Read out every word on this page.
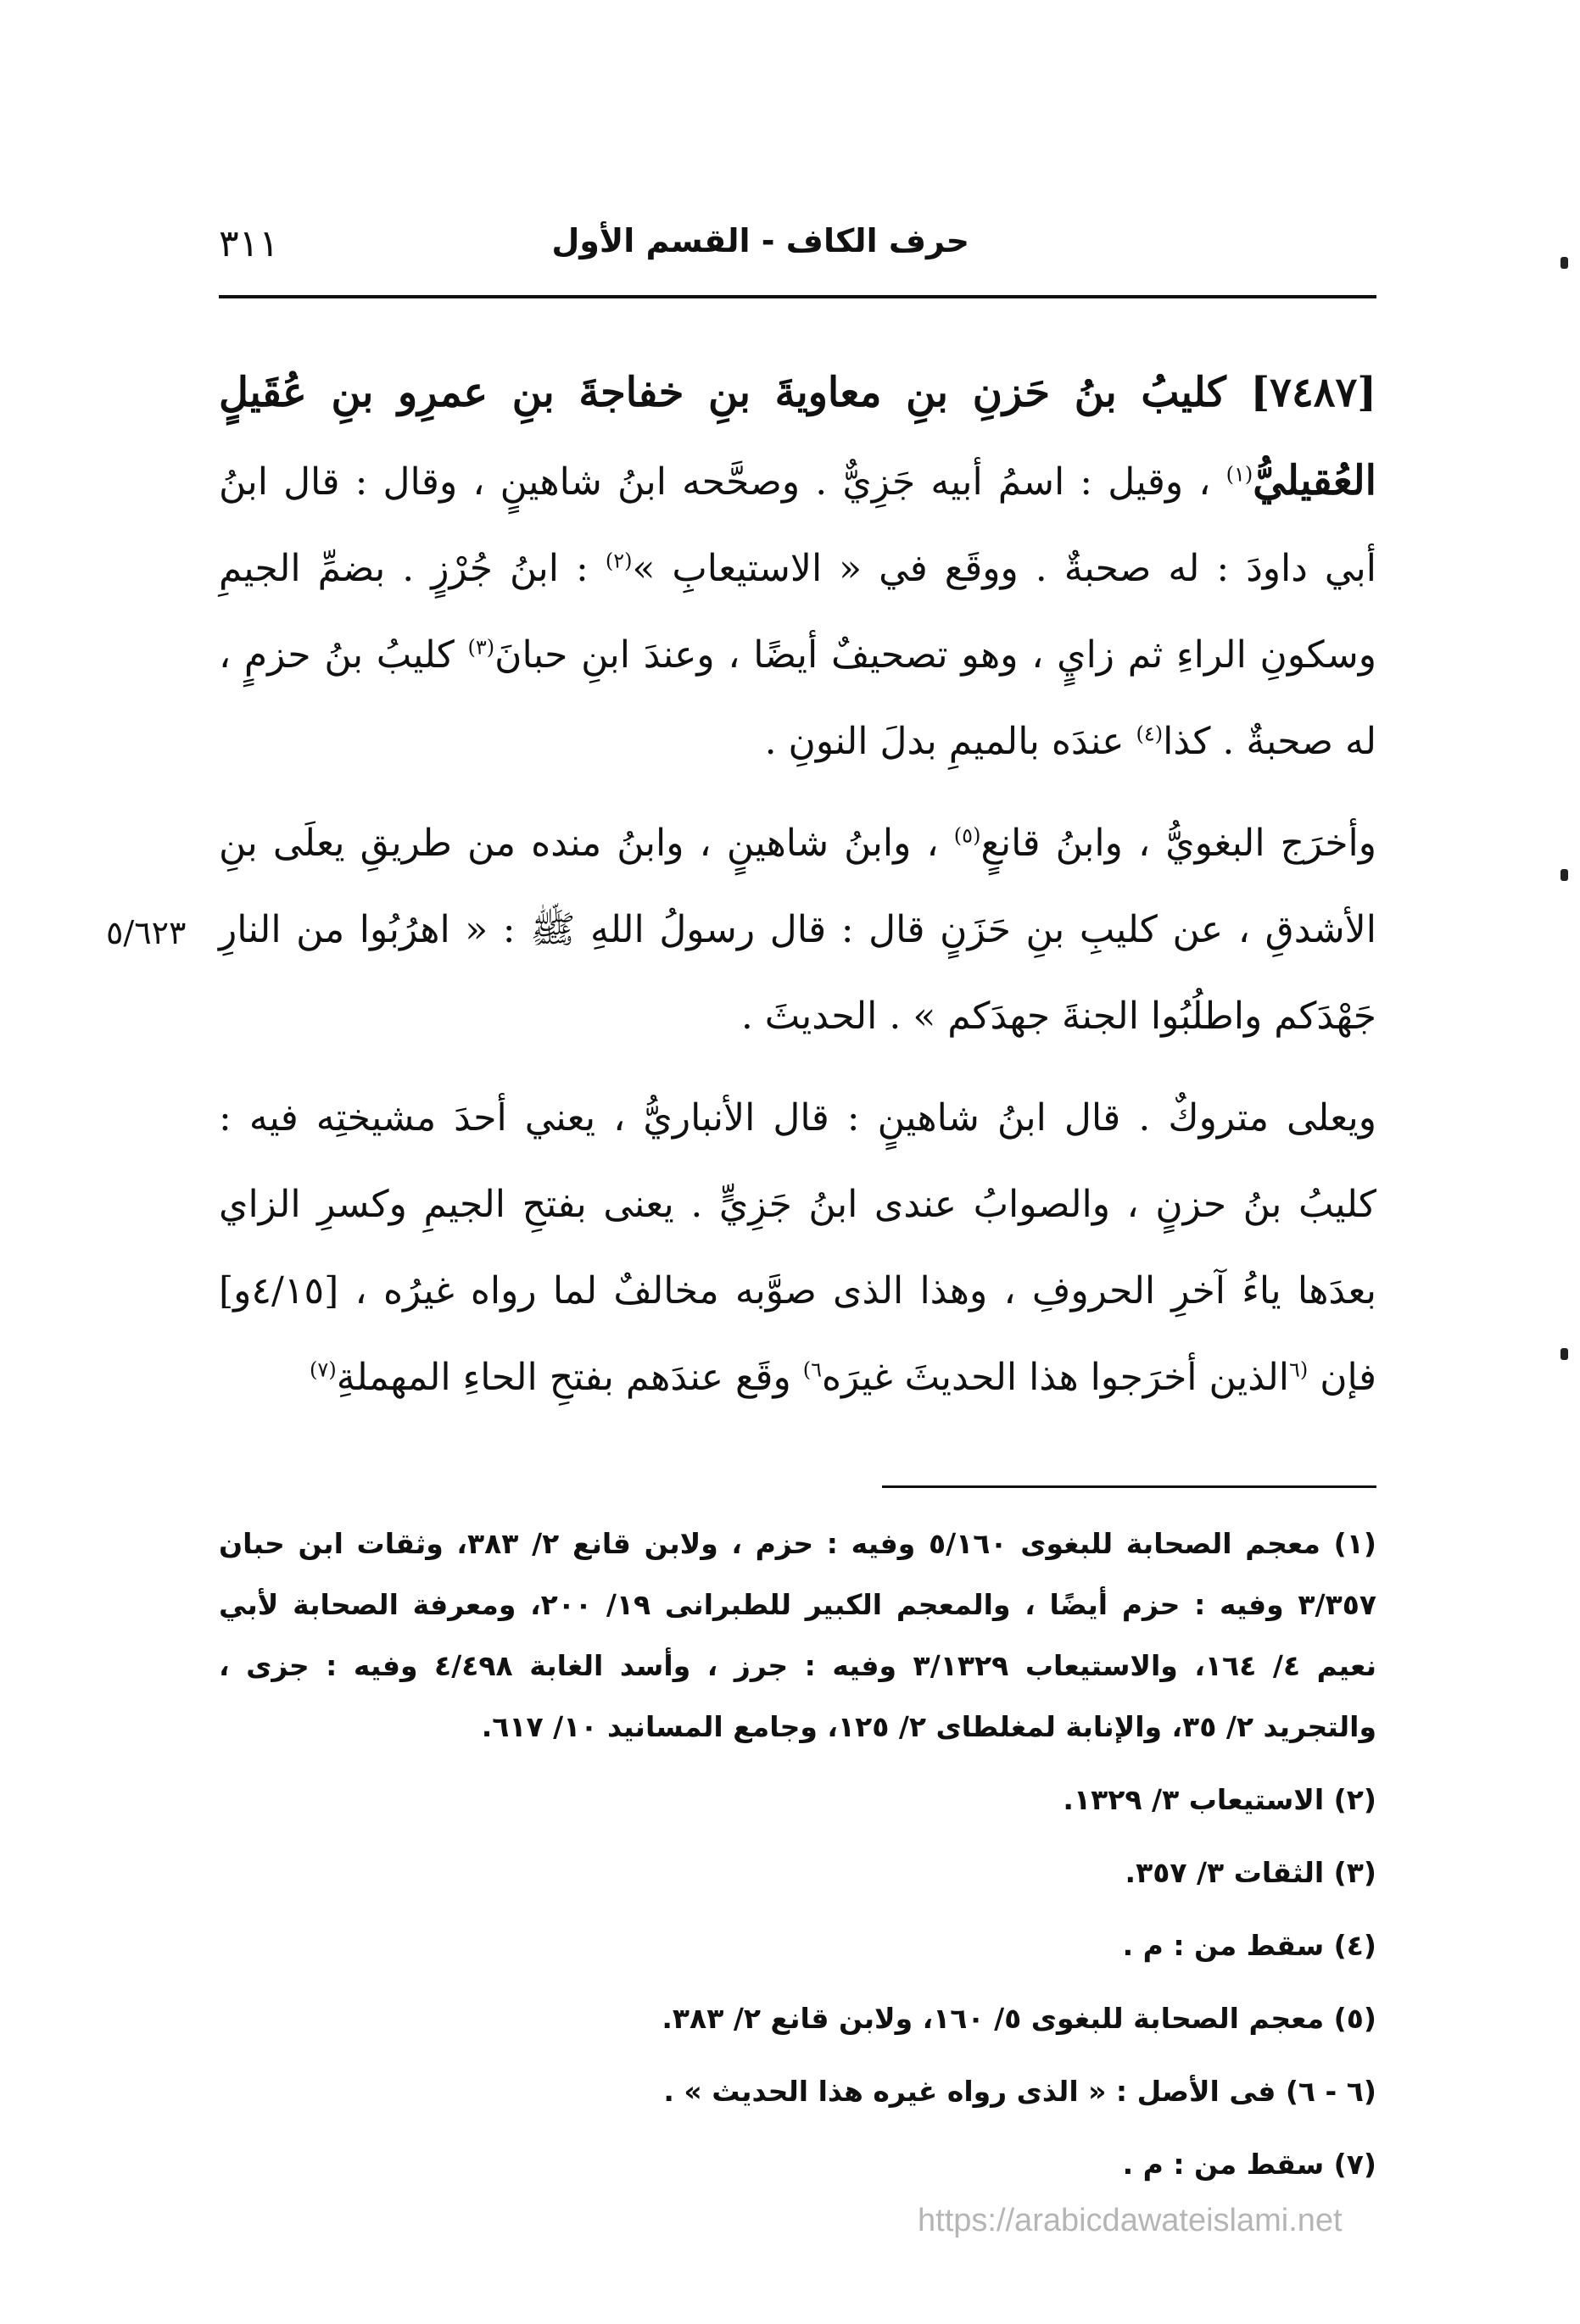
حرف الكاف - القسم الأول
٣١١

[٧٤٨٧] كليبُ بنُ حَزنِ بنِ معاويةَ بنِ خفاجةَ بنِ عمرِو بنِ عُقَيلٍ العُقيليُّ$^{(١)}$ ، وقيل : اسمُ أبيه جَزِيٌّ . وصحَّحه ابنُ شاهينٍ ، وقال : قال ابنُ أبي داودَ : له صحبةٌ . ووقَع في « الاستيعابِ »$^{(٢)}$ : ابنُ جُرْزٍ . بضمِّ الجيمِ وسكونِ الراءِ ثم زايٍ ، وهو تصحيفٌ أيضًا ، وعندَ ابنِ حبانَ$^{(٣)}$ كليبُ بنُ حزمٍ ، له صحبةٌ . كذا$^{(٤)}$ عندَه بالميمِ بدلَ النونِ .

وأخرَج البغويُّ ، وابنُ قانعٍ$^{(٥)}$ ، وابنُ شاهينٍ ، وابنُ منده من طريقِ يعلَى بنِ الأشدقِ ، عن كليبِ بنِ حَزَنٍ قال : قال رسولُ اللهِ ﷺ : « اهرُبُوا من النارِ جَهْدَكم واطلُبُوا الجنةَ جهدَكم » . الحديثَ .

ويعلى متروكٌ . قال ابنُ شاهينٍ : قال الأنباريُّ ، يعني أحدَ مشيختِه فيه : كليبُ بنُ حزنٍ ، والصوابُ عندى ابنُ جَزِيٍّ . يعنى بفتحِ الجيمِ وكسرِ الزاي بعدَها ياءُ آخرِ الحروفِ ، وهذا الذى صوَّبه مخالفٌ لما رواه غيرُه ، [٤/١٥و] فإن $^{(٦}$الذين أخرَجوا هذا الحديثَ غيرَه$^{٦)}$ وقَع عندَهم بفتحِ الحاءِ المهملةِ$^{(٧)}$

٥/٦٢٣

(١) معجم الصحابة للبغوى ٥/١٦٠ وفيه : حزم ، ولابن قانع ٢/ ٣٨٣، وثقات ابن حبان ٣/٣٥٧ وفيه : حزم أيضًا ، والمعجم الكبير للطبرانى ١٩/ ٢٠٠، ومعرفة الصحابة لأبي نعيم ٤/ ١٦٤، والاستيعاب ٣/١٣٢٩ وفيه : جرز ، وأسد الغابة ٤/٤٩٨ وفيه : جزى ، والتجريد ٢/ ٣٥، والإنابة لمغلطاى ٢/ ١٢٥، وجامع المسانيد ١٠/ ٦١٧.

(٢) الاستيعاب ٣/ ١٣٢٩.

(٣) الثقات ٣/ ٣٥٧.

(٤) سقط من : م .

(٥) معجم الصحابة للبغوى ٥/ ١٦٠، ولابن قانع ٢/ ٣٨٣.

(٦ - ٦) فى الأصل : « الذى رواه غيره هذا الحديث » .

(٧) سقط من : م .

https://arabicdawateislami.net
